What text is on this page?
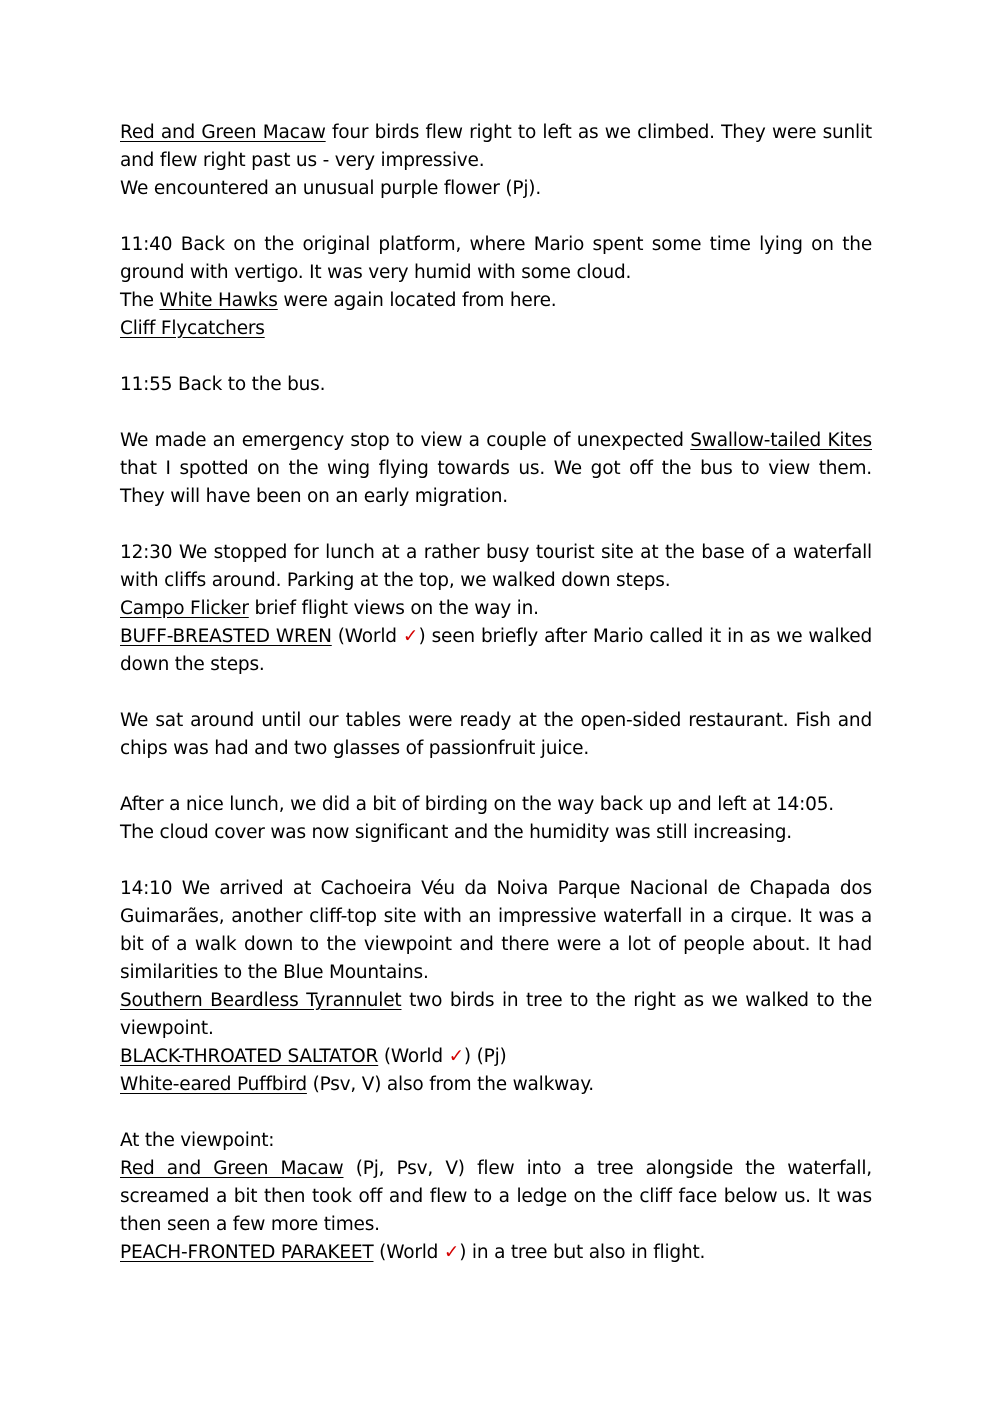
Red and Green Macaw four birds flew right to left as we climbed. They were sunlit and flew right past us - very impressive.
We encountered an unusual purple flower (Pj).
11:40 Back on the original platform, where Mario spent some time lying on the ground with vertigo. It was very humid with some cloud.
The White Hawks were again located from here.
Cliff Flycatchers
11:55 Back to the bus.
We made an emergency stop to view a couple of unexpected Swallow-tailed Kites that I spotted on the wing flying towards us. We got off the bus to view them. They will have been on an early migration.
12:30 We stopped for lunch at a rather busy tourist site at the base of a waterfall with cliffs around. Parking at the top, we walked down steps.
Campo Flicker brief flight views on the way in.
BUFF-BREASTED WREN (World ✓) seen briefly after Mario called it in as we walked down the steps.
We sat around until our tables were ready at the open-sided restaurant. Fish and chips was had and two glasses of passionfruit juice.
After a nice lunch, we did a bit of birding on the way back up and left at 14:05.
The cloud cover was now significant and the humidity was still increasing.
14:10 We arrived at Cachoeira Véu da Noiva Parque Nacional de Chapada dos Guimarães, another cliff-top site with an impressive waterfall in a cirque. It was a bit of a walk down to the viewpoint and there were a lot of people about. It had similarities to the Blue Mountains.
Southern Beardless Tyrannulet two birds in tree to the right as we walked to the viewpoint.
BLACK-THROATED SALTATOR (World ✓) (Pj)
White-eared Puffbird (Psv, V) also from the walkway.
At the viewpoint:
Red and Green Macaw (Pj, Psv, V) flew into a tree alongside the waterfall, screamed a bit then took off and flew to a ledge on the cliff face below us. It was then seen a few more times.
PEACH-FRONTED PARAKEET (World ✓) in a tree but also in flight.
